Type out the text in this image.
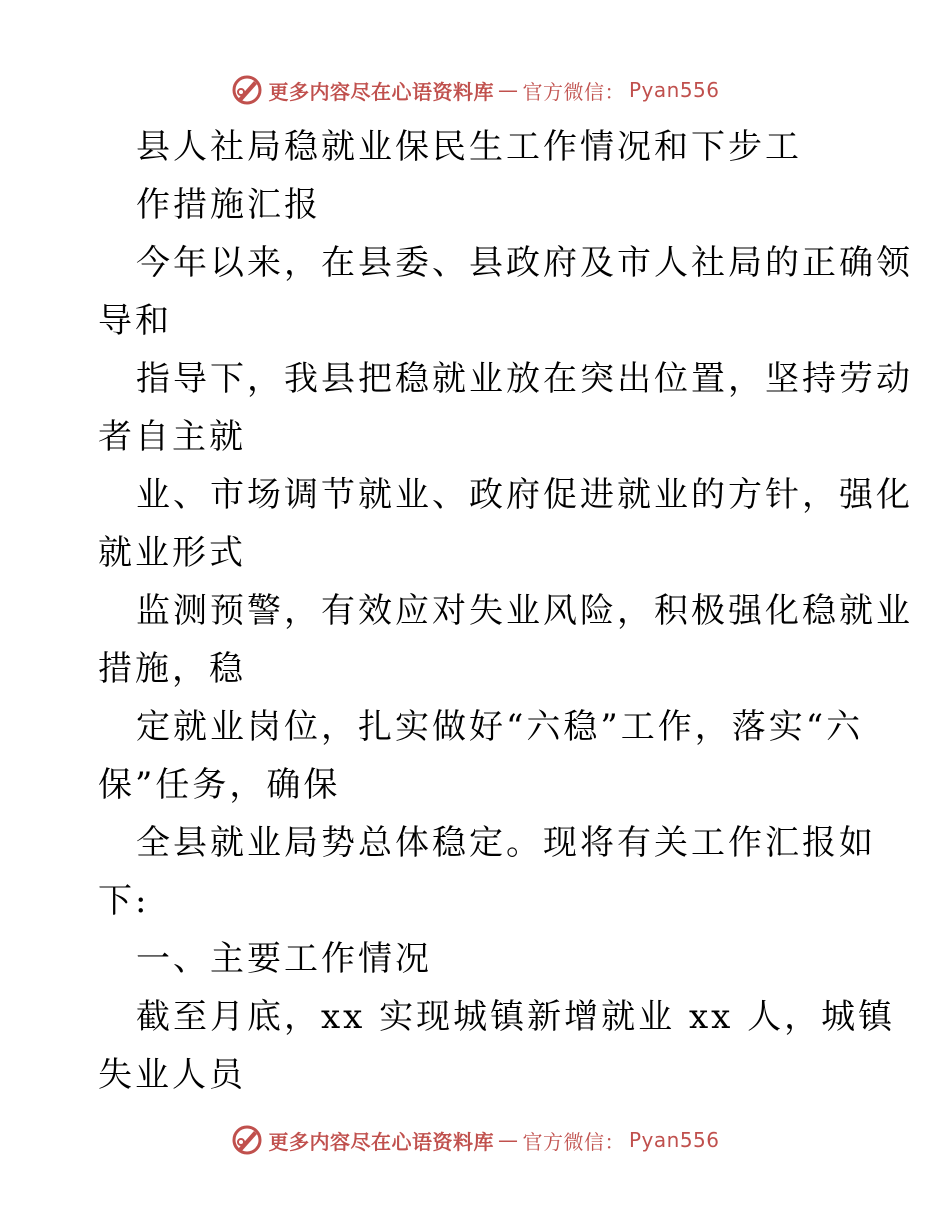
更多内容尽在心语资料库 — 官方微信： Pyan556
县人社局稳就业保民生工作情况和下步工
作措施汇报
今年以来，在县委、县政府及市人社局的正确领
导和
指导下，我县把稳就业放在突出位置，坚持劳动
者自主就
业、市场调节就业、政府促进就业的方针，强化
就业形式
监测预警，有效应对失业风险，积极强化稳就业
措施，稳
定就业岗位，扎实做好“六稳”工作，落实“六
保”任务，确保
全县就业局势总体稳定。现将有关工作汇报如
下:
一、主要工作情况
截至月底，xx 实现城镇新增就业 xx 人，城镇
失业人员
更多内容尽在心语资料库 — 官方微信： Pyan556
